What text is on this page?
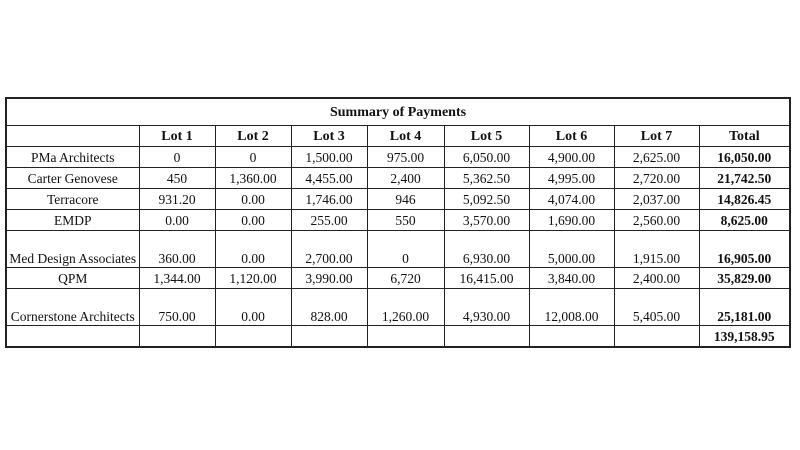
Summary of Payments								
	Lot 1	Lot 2	Lot 3	Lot 4	Lot 5	Lot 6	Lot 7	Total
PMa Architects	0	0	1,500.00	975.00	6,050.00	4,900.00	2,625.00	16,050.00
Carter Genovese	450	1,360.00	4,455.00	2,400	5,362.50	4,995.00	2,720.00	21,742.50
Terracore	931.20	0.00	1,746.00	946	5,092.50	4,074.00	2,037.00	14,826.45
EMDP	0.00	0.00	255.00	550	3,570.00	1,690.00	2,560.00	8,625.00
Med Design Associates	360.00	0.00	2,700.00	0	6,930.00	5,000.00	1,915.00	16,905.00
QPM	1,344.00	1,120.00	3,990.00	6,720	16,415.00	3,840.00	2,400.00	35,829.00
Cornerstone Architects	750.00	0.00	828.00	1,260.00	4,930.00	12,008.00	5,405.00	25,181.00
								139,158.95
